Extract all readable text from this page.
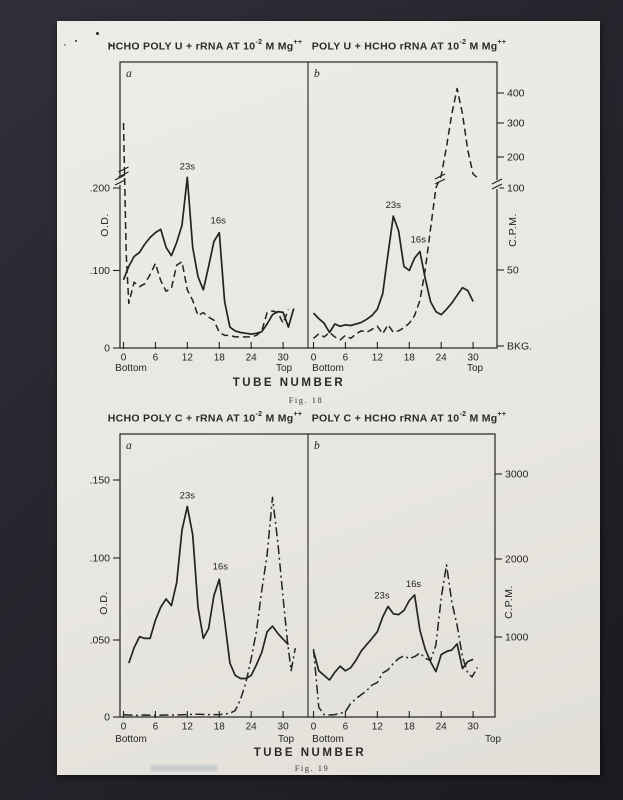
0	6 12 18 24 30
.200
.100
0
23s
16s
0	6 12 18 24 30
400
300
200
100
50
BKG.
23s
16s
0	6 12 18 24 30
.150
.100
.050
0
23s
16s
0	6 12 18 24 30
3000
2000
1000
23s
16s
HCHO POLY U + rRNA AT $10^{-2}$ M Mg++ POLY U + HCHO rRNA AT $10^{-2}$ M Mg++
a	b
O.D.	C.P.M.
Bottom	Top	Bottom	Top
TUBE NUMBER
Fig. 18
HCHO POLY C + rRNA AT $10^{-2}$ M Mg++ POLY C + HCHO rRNA AT $10^{-2}$ M Mg++
a	b
O.D.	C.P.M.
Bottom	Top	Bottom	Top
TUBE NUMBER
Fig. 19
